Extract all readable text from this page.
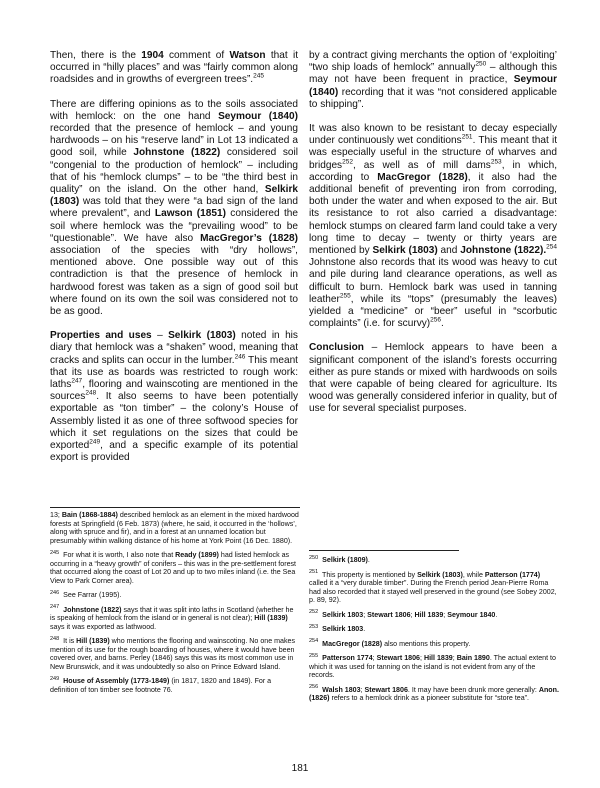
Then, there is the 1904 comment of Watson that it occurred in “hilly places” and was “fairly common along roadsides and in growths of evergreen trees”.$^{245}$

There are differing opinions as to the soils associated with hemlock: on the one hand Seymour (1840) recorded that the presence of hemlock – and young hardwoods – on his “reserve land” in Lot 13 indicated a good soil, while Johnstone (1822) considered soil “congenial to the production of hemlock” – including that of his “hemlock clumps” – to be “the third best in quality” on the island. On the other hand, Selkirk (1803) was told that they were “a bad sign of the land where prevalent”, and Lawson (1851) considered the soil where hemlock was the “prevailing wood” to be “questionable”. We have also MacGregor’s (1828) association of the species with “dry hollows”, mentioned above. One possible way out of this contradiction is that the presence of hemlock in hardwood forest was taken as a sign of good soil but where found on its own the soil was considered not to be as good.

Properties and uses – Selkirk (1803) noted in his diary that hemlock was a “shaken” wood, meaning that cracks and splits can occur in the lumber.$^{246}$ This meant that its use as boards was restricted to rough work: laths$^{247}$, flooring and wainscoting are mentioned in the sources$^{248}$. It also seems to have been potentially exportable as “ton timber” – the colony’s House of Assembly listed it as one of three softwood species for which it set regulations on the sizes that could be exported$^{249}$, and a specific example of its potential export is provided

by a contract giving merchants the option of ‘exploiting’ “two ship loads of hemlock” annually$^{250}$ – although this may not have been frequent in practice, Seymour (1840) recording that it was “not considered applicable to shipping”.

It was also known to be resistant to decay especially under continuously wet conditions$^{251}$. This meant that it was especially useful in the structure of wharves and bridges$^{252}$, as well as of mill dams$^{253}$, in which, according to MacGregor (1828), it also had the additional benefit of preventing iron from corroding, both under the water and when exposed to the air. But its resistance to rot also carried a disadvantage: hemlock stumps on cleared farm land could take a very long time to decay – twenty or thirty years are mentioned by Selkirk (1803) and Johnstone (1822).$^{254}$ Johnstone also records that its wood was heavy to cut and pile during land clearance operations, as well as difficult to burn. Hemlock bark was used in tanning leather$^{255}$, while its “tops” (presumably the leaves) yielded a “medicine” or “beer” useful in “scorbutic complaints” (i.e. for scurvy)$^{256}$.

Conclusion – Hemlock appears to have been a significant component of the island’s forests occurring either as pure stands or mixed with hardwoods on soils that were capable of being cleared for agriculture. Its wood was generally considered inferior in quality, but of use for several specialist purposes.

13; Bain (1868-1884) described hemlock as an element in the mixed hardwood forests at Springfield (6 Feb. 1873) (where, he said, it occurred in the ‘hollows’, along with spruce and fir), and in a forest at an unnamed location but presumably within walking distance of his home at York Point (16 Dec. 1880).
$^{245}$ For what it is worth, I also note that Ready (1899) had listed hemlock as occurring in a “heavy growth” of conifers – this was in the pre-settlement forest that occurred along the coast of Lot 20 and up to two miles inland (i.e. the Sea View to Park Corner area).
$^{246}$ See Farrar (1995).
$^{247}$ Johnstone (1822) says that it was split into laths in Scotland (whether he is speaking of hemlock from the island or in general is not clear); Hill (1839) says it was exported as lathwood.
$^{248}$ It is Hill (1839) who mentions the flooring and wainscoting. No one makes mention of its use for the rough boarding of houses, where it would have been covered over, and barns. Perley (1846) says this was its most common use in New Brunswick, and it was undoubtedly so also on Prince Edward Island.
$^{249}$ House of Assembly (1773-1849) (in 1817, 1820 and 1849). For a definition of ton timber see footnote 76.
$^{250}$ Selkirk (1809).
$^{251}$ This property is mentioned by Selkirk (1803), while Patterson (1774) called it a “very durable timber”. During the French period Jean-Pierre Roma had also recorded that it stayed well preserved in the ground (see Sobey 2002, p. 89, 92).
$^{252}$ Selkirk 1803; Stewart 1806; Hill 1839; Seymour 1840.
$^{253}$ Selkirk 1803.
$^{254}$ MacGregor (1828) also mentions this property.
$^{255}$ Patterson 1774; Stewart 1806; Hill 1839; Bain 1890. The actual extent to which it was used for tanning on the island is not evident from any of the records.
$^{256}$ Walsh 1803; Stewart 1806. It may have been drunk more generally: Anon. (1826) refers to a hemlock drink as a pioneer substitute for “store tea”.
181
